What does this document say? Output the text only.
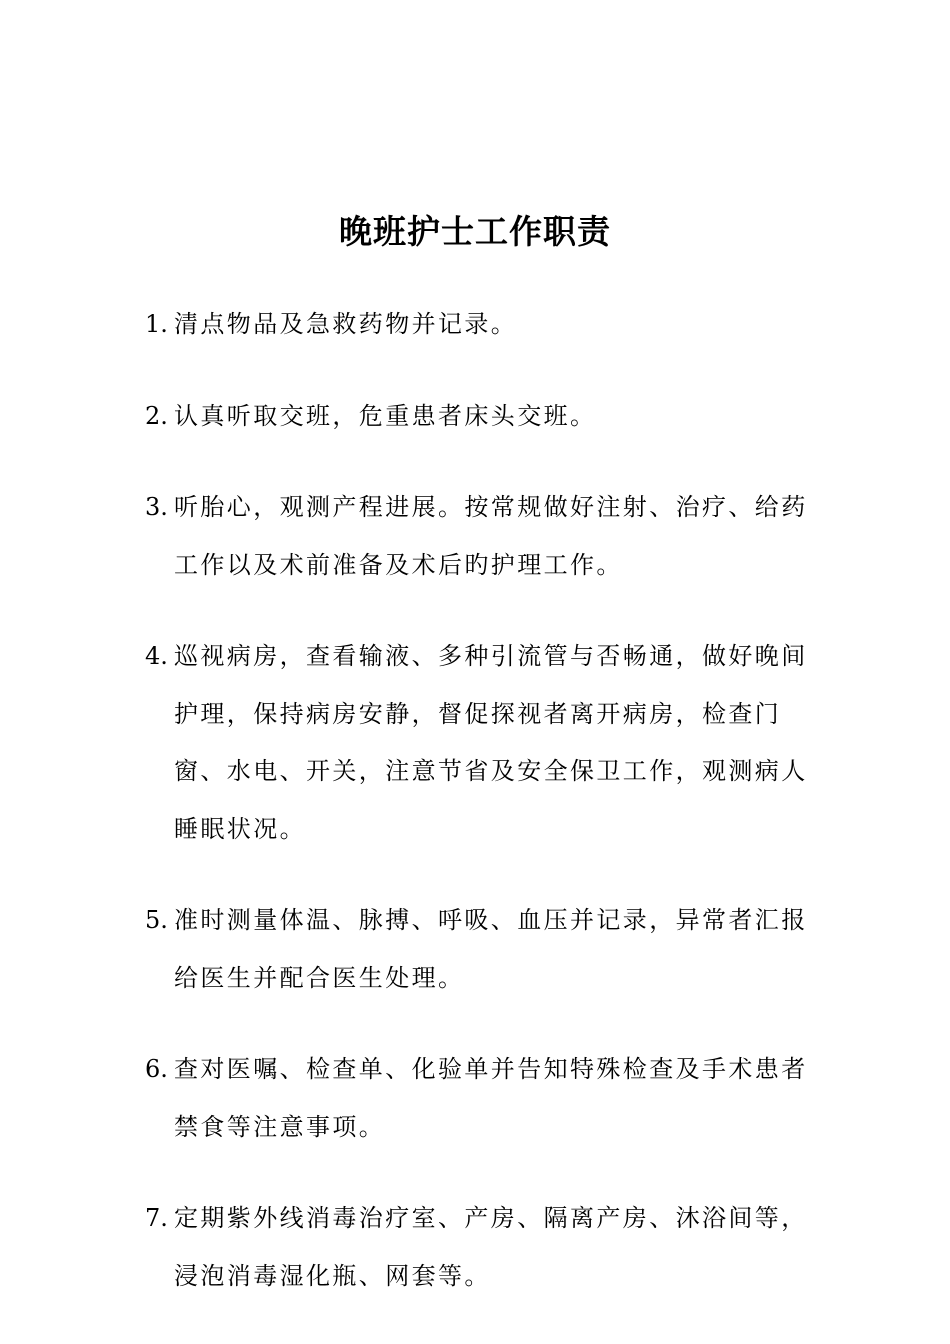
晚班护士工作职责
1. 清点物品及急救药物并记录。
2. 认真听取交班，危重患者床头交班。
3. 听胎心，观测产程进展。按常规做好注射、治疗、给药工作以及术前准备及术后旳护理工作。
4. 巡视病房，查看输液、多种引流管与否畅通，做好晚间护理，保持病房安静，督促探视者离开病房，检查门窗、水电、开关，注意节省及安全保卫工作，观测病人睡眠状况。
5. 准时测量体温、脉搏、呼吸、血压并记录，异常者汇报给医生并配合医生处理。
6. 查对医嘱、检查单、化验单并告知特殊检查及手术患者禁食等注意事项。
7. 定期紫外线消毒治疗室、产房、隔离产房、沐浴间等，浸泡消毒湿化瓶、网套等。
